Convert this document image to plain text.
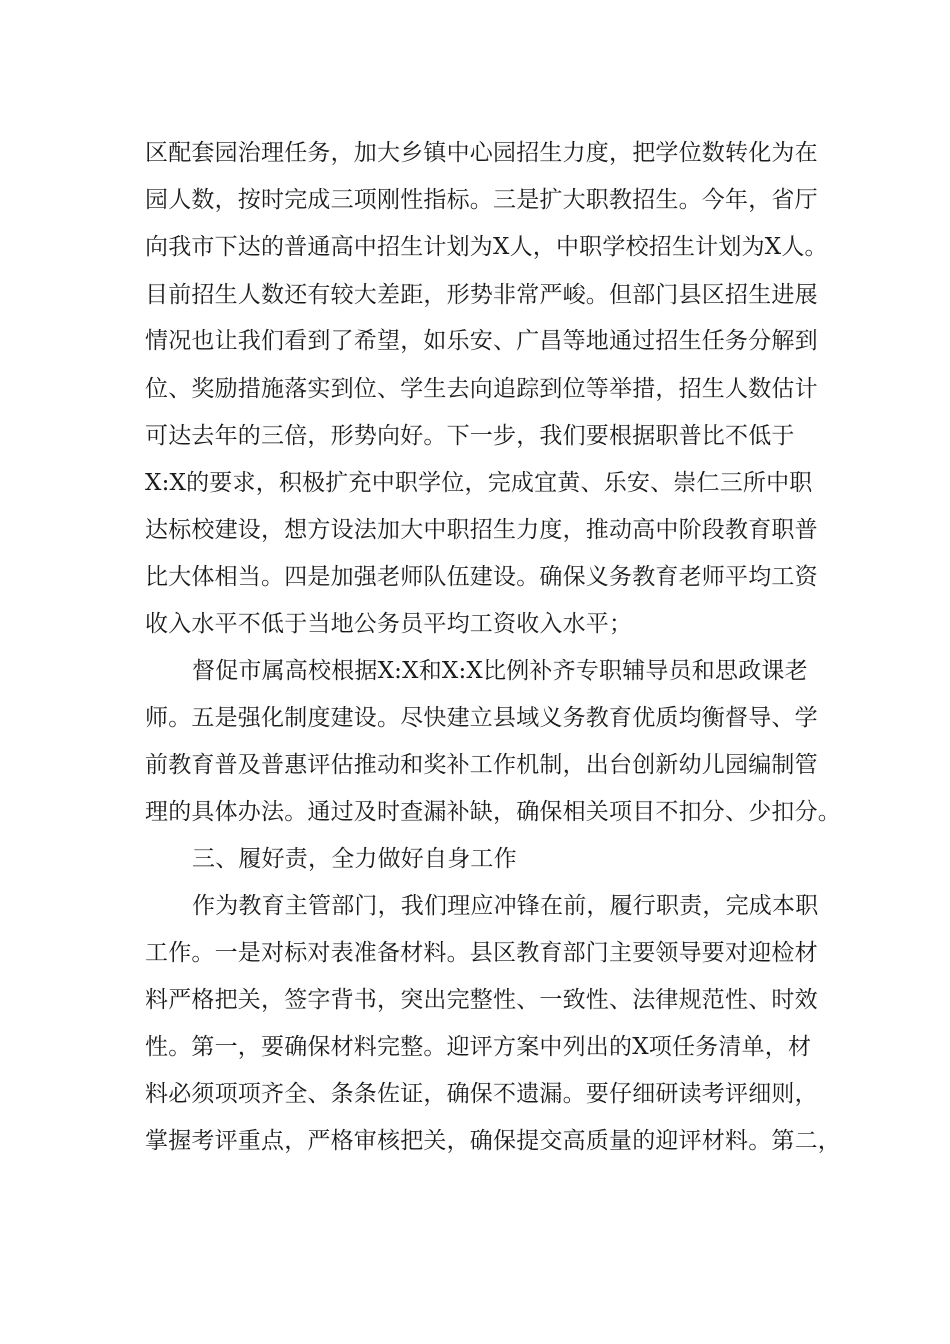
区配套园治理任务，加大乡镇中心园招生力度，把学位数转化为在
园人数，按时完成三项刚性指标。三是扩大职教招生。今年，省厅
向我市下达的普通高中招生计划为X人，中职学校招生计划为X人。
目前招生人数还有较大差距，形势非常严峻。但部门县区招生进展
情况也让我们看到了希望，如乐安、广昌等地通过招生任务分解到
位、奖励措施落实到位、学生去向追踪到位等举措，招生人数估计
可达去年的三倍，形势向好。下一步，我们要根据职普比不低于
X:X的要求，积极扩充中职学位，完成宜黄、乐安、崇仁三所中职
达标校建设，想方设法加大中职招生力度，推动高中阶段教育职普
比大体相当。四是加强老师队伍建设。确保义务教育老师平均工资
收入水平不低于当地公务员平均工资收入水平；
督促市属高校根据X:X和X:X比例补齐专职辅导员和思政课老
师。五是强化制度建设。尽快建立县域义务教育优质均衡督导、学
前教育普及普惠评估推动和奖补工作机制，出台创新幼儿园编制管
理的具体办法。通过及时查漏补缺，确保相关项目不扣分、少扣分。
三、履好责，全力做好自身工作
作为教育主管部门，我们理应冲锋在前，履行职责，完成本职
工作。一是对标对表准备材料。县区教育部门主要领导要对迎检材
料严格把关，签字背书，突出完整性、一致性、法律规范性、时效
性。第一，要确保材料完整。迎评方案中列出的X项任务清单，材
料必须项项齐全、条条佐证，确保不遗漏。要仔细研读考评细则，
掌握考评重点，严格审核把关，确保提交高质量的迎评材料。第二，
